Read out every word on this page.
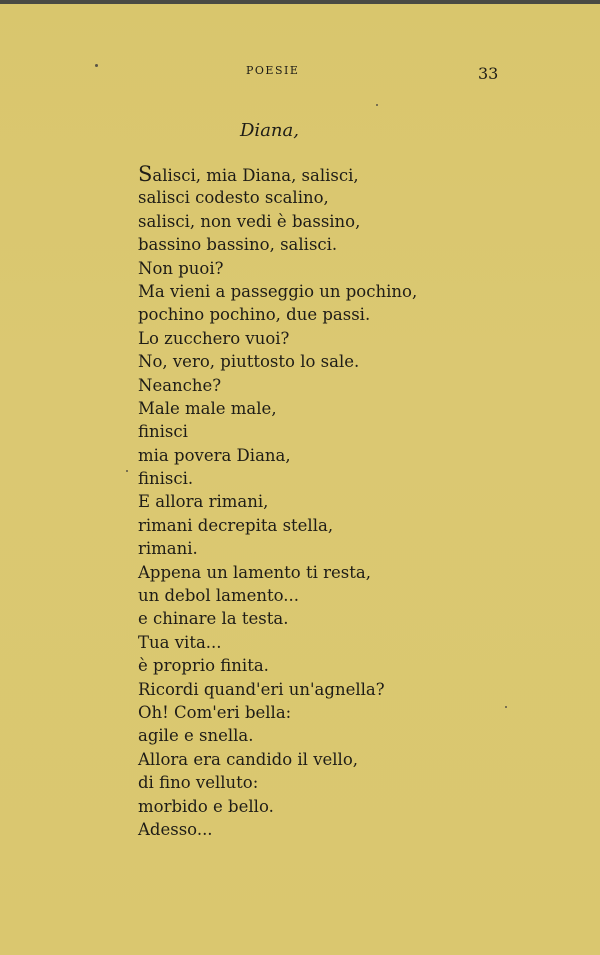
POESIE	33
Diana,
Salisci, mia Diana, salisci,
salisci codesto scalino,
salisci, non vedi è bassino,
bassino bassino, salisci.
Non puoi?
Ma vieni a passeggio un pochino,
pochino pochino, due passi.
Lo zucchero vuoi?
No, vero, piuttosto lo sale.
Neanche?
Male male male,
finisci
mia povera Diana,
finisci.
E allora rimani,
rimani decrepita stella,
rimani.
Appena un lamento ti resta,
un debol lamento...
e chinare la testa.
Tua vita...
è proprio finita.
Ricordi quand'eri un'agnella?
Oh! Com'eri bella:
agile e snella.
Allora era candido il vello,
di fino velluto:
morbido e bello.
Adesso...
